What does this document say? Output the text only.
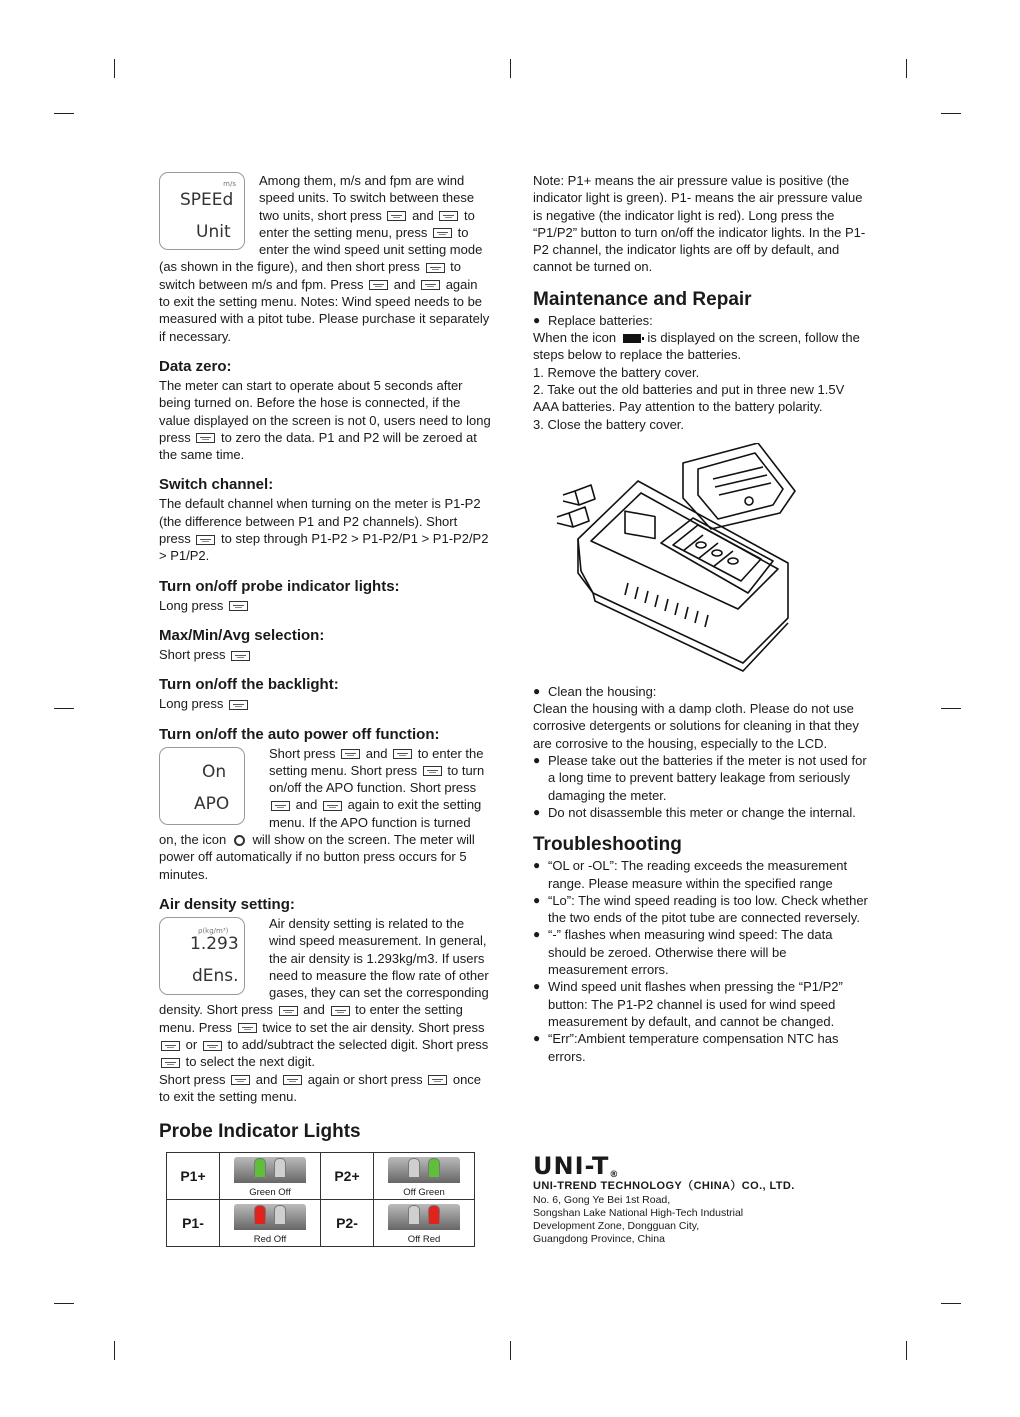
m/s
SPEEd
Unit

Among them, m/s and fpm are wind speed units. To switch between these two units, short press and to enter the setting menu, press to enter the wind speed unit setting mode (as shown in the figure), and then short press to switch between m/s and fpm. Press and again to exit the setting menu. Notes: Wind speed needs to be measured with a pitot tube. Please purchase it separately if necessary.

Data zero:

The meter can start to operate about 5 seconds after being turned on. Before the hose is connected, if the value displayed on the screen is not 0, users need to long press to zero the data. P1 and P2 will be zeroed at the same time.

Switch channel:

The default channel when turning on the meter is P1-P2 (the difference between P1 and P2 channels). Short press to step through P1-P2 > P1-P2/P1 > P1-P2/P2 > P1/P2.

Turn on/off probe indicator lights:

Long press

Max/Min/Avg selection:

Short press

Turn on/off the backlight:

Long press

Turn on/off the auto power off function:
On
APO

Short press and to enter the setting menu. Short press to turn on/off the APO function. Short press  and again to exit the setting menu. If the APO function is turned on, the icon will show on the screen. The meter will power off automatically if no button press occurs for 5 minutes.

Air density setting:
ρ(kg/m³)
1.293
dEns.

Air density setting is related to the wind speed measurement. In general, the air density is 1.293kg/m3. If users need to measure the flow rate of other gases, they can set the corresponding density. Short press and to enter the setting menu. Press twice to set the air density. Short press  or to add/subtract the selected digit. Short press  to select the next digit.

Short press and again or short press once to exit the setting menu.

Note: P1+ means the air pressure value is positive (the indicator light is green). P1- means the air pressure value is negative (the indicator light is red). Long press the “P1/P2” button to turn on/off the indicator lights. In the P1-P2 channel, the indicator lights are off by default, and cannot be turned on.

Maintenance and Repair
● Replace batteries:

When the icon is displayed on the screen, follow the steps below to replace the batteries.

1. Remove the battery cover.

2. Take out the old batteries and put in three new 1.5V AAA batteries. Pay attention to the battery polarity.

3. Close the battery cover.

● Clean the housing:

Clean the housing with a damp cloth. Please do not use corrosive detergents or solutions for cleaning in that they are corrosive to the housing, especially to the LCD.

● Please take out the batteries if the meter is not used for a long time to prevent battery leakage from seriously damaging the meter.
● Do not disassemble this meter or change the internal.
Troubleshooting
● “OL or -OL”: The reading exceeds the measurement range. Please measure within the specified range
● “Lo”: The wind speed reading is too low. Check whether the two ends of the pitot tube are connected reversely.
● “-” flashes when measuring wind speed: The data should be zeroed. Otherwise there will be measurement errors.
● Wind speed unit flashes when pressing the “P1/P2” button: The P1-P2 channel is used for wind speed measurement by default, and cannot be changed.
● “Err”:Ambient temperature compensation NTC has errors.
Probe Indicator Lights
P1+	Green Off	P2+	Off Green

P1-	Red Off	P2-	Off Red
UNI-T®
UNI-TREND TECHNOLOGY（CHINA）CO., LTD.
No. 6, Gong Ye Bei 1st Road,
Songshan Lake National High-Tech Industrial
Development Zone, Dongguan City,
Guangdong Province, China
